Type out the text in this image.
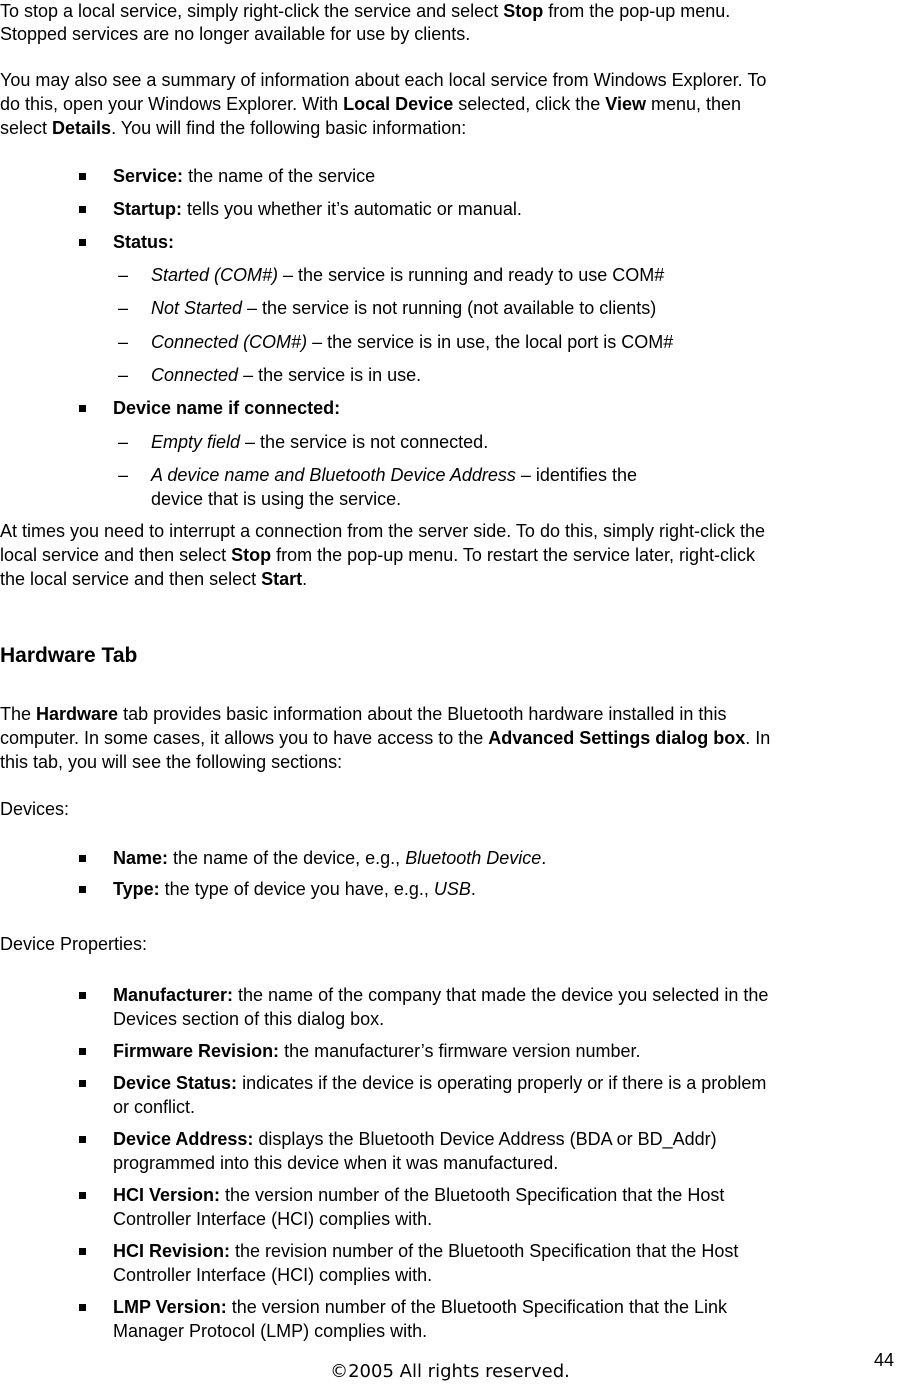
To stop a local service, simply right-click the service and select Stop from the pop-up menu.

Stopped services are no longer available for use by clients.

You may also see a summary of information about each local service from Windows Explorer. To

do this, open your Windows Explorer. With Local Device selected, click the View menu, then

select Details. You will find the following basic information:

Service: the name of the service
Startup: tells you whether it’s automatic or manual.
Status:
– Started (COM#) – the service is running and ready to use COM#
– Not Started – the service is not running (not available to clients)
– Connected (COM#) – the service is in use, the local port is COM#
– Connected – the service is in use.
Device name if connected:
– Empty field – the service is not connected.
– A device name and Bluetooth Device Address – identifies the
device that is using the service.

At times you need to interrupt a connection from the server side. To do this, simply right-click the

local service and then select Stop from the pop-up menu. To restart the service later, right-click

the local service and then select Start.

Hardware Tab

The Hardware tab provides basic information about the Bluetooth hardware installed in this

computer. In some cases, it allows you to have access to the Advanced Settings dialog box. In

this tab, you will see the following sections:

Devices:

Name: the name of the device, e.g., Bluetooth Device.
Type: the type of device you have, e.g., USB.

Device Properties:

Manufacturer: the name of the company that made the device you selected in the
Devices section of this dialog box.
Firmware Revision: the manufacturer’s firmware version number.
Device Status: indicates if the device is operating properly or if there is a problem
or conflict.
Device Address: displays the Bluetooth Device Address (BDA or BD_Addr)
programmed into this device when it was manufactured.
HCI Version: the version number of the Bluetooth Specification that the Host
Controller Interface (HCI) complies with.
HCI Revision: the revision number of the Bluetooth Specification that the Host
Controller Interface (HCI) complies with.
LMP Version: the version number of the Bluetooth Specification that the Link
Manager Protocol (LMP) complies with.
44
©2005 All rights reserved.
